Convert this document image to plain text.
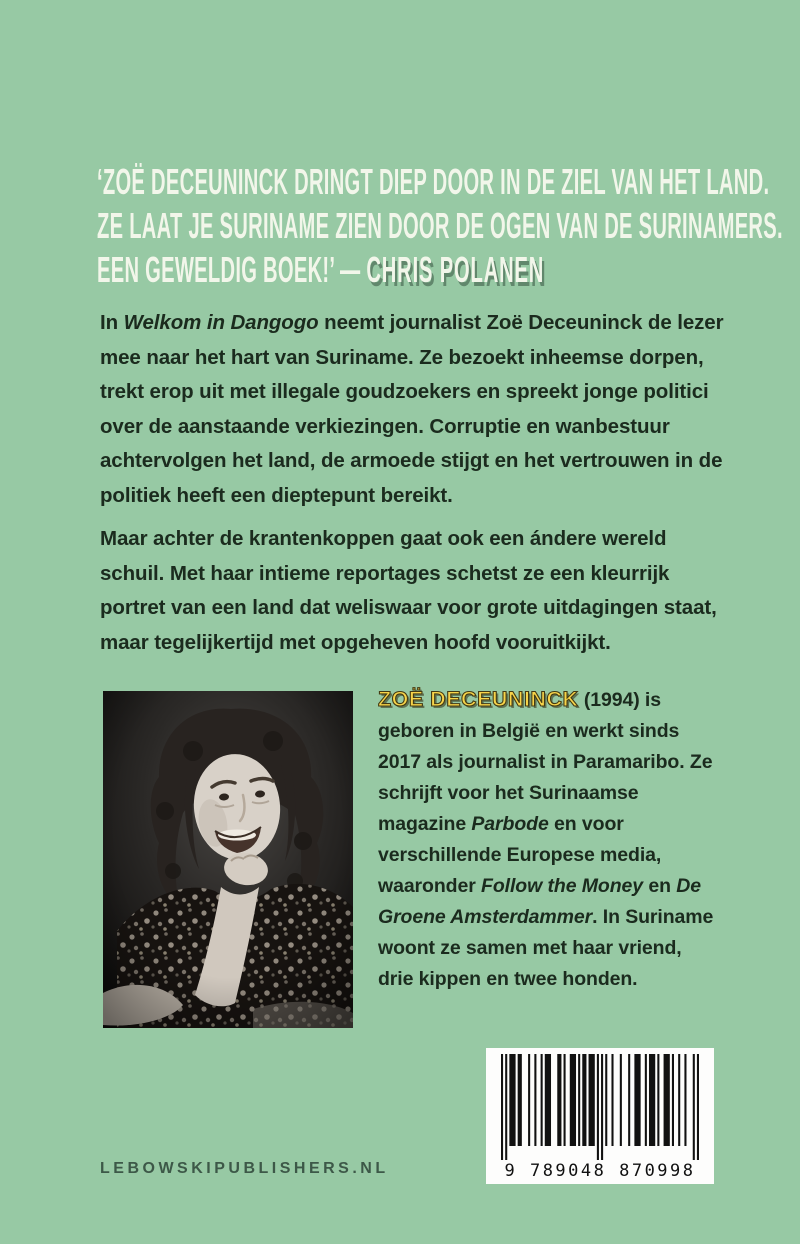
‘ZOË DECEUNINCK DRINGT DIEP DOOR IN DE ZIEL VAN HET LAND.
ZE LAAT JE SURINAME ZIEN DOOR DE OGEN VAN DE SURINAMERS.
EEN GEWELDIG BOEK!’ — CHRIS POLANEN

In Welkom in Dangogo neemt journalist Zoë Deceuninck de lezer mee naar het hart van Suriname. Ze bezoekt inheemse dorpen, trekt erop uit met illegale goudzoekers en spreekt jonge politici over de aanstaande verkiezingen. Corruptie en wanbestuur achtervolgen het land, de armoede stijgt en het vertrouwen in de politiek heeft een dieptepunt bereikt.

Maar achter de krantenkoppen gaat ook een ándere wereld schuil. Met haar intieme reportages schetst ze een kleurrijk portret van een land dat weliswaar voor grote uitdagingen staat, maar tegelijkertijd met opgeheven hoofd vooruitkijkt.

ZOË DECEUNINCK (1994) is geboren in België en werkt sinds 2017 als journalist in Paramaribo. Ze schrijft voor het Surinaamse magazine Parbode en voor verschillende Europese media, waaronder Follow the Money en De Groene Amsterdammer. In Suriname woont ze samen met haar vriend, drie kippen en twee honden.

9 789048 870998
LEBOWSKIPUBLISHERS.NL
